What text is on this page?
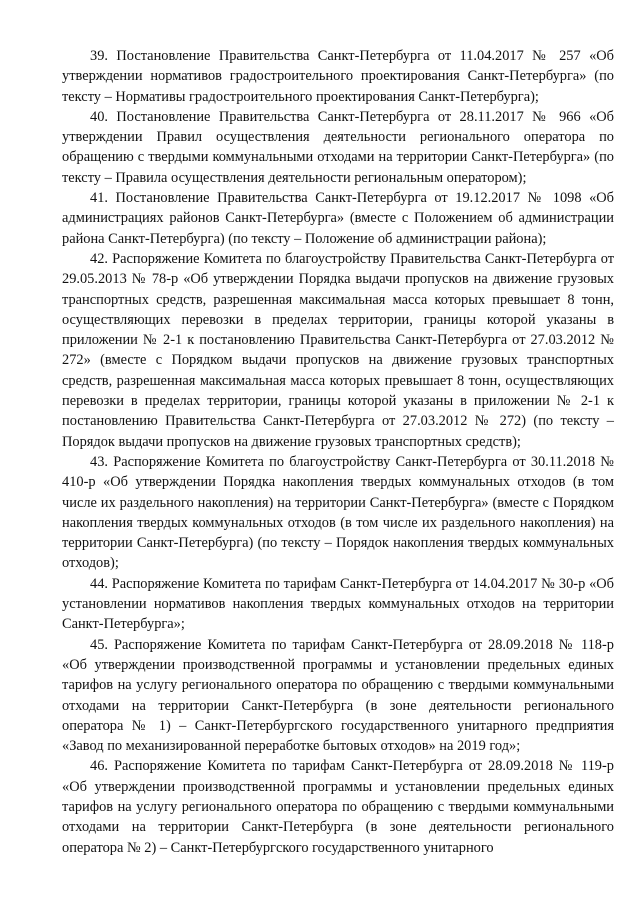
39. Постановление Правительства Санкт-Петербурга от 11.04.2017 № 257 «Об утверждении нормативов градостроительного проектирования Санкт-Петербурга» (по тексту – Нормативы градостроительного проектирования Санкт-Петербурга);

40. Постановление Правительства Санкт-Петербурга от 28.11.2017 № 966 «Об утверждении Правил осуществления деятельности регионального оператора по обращению с твердыми коммунальными отходами на территории Санкт-Петербурга» (по тексту – Правила осуществления деятельности региональным оператором);

41. Постановление Правительства Санкт-Петербурга от 19.12.2017 № 1098 «Об администрациях районов Санкт-Петербурга» (вместе с Положением об администрации района Санкт-Петербурга) (по тексту – Положение об администрации района);

42. Распоряжение Комитета по благоустройству Правительства Санкт-Петербурга от 29.05.2013 № 78-р «Об утверждении Порядка выдачи пропусков на движение грузовых транспортных средств, разрешенная максимальная масса которых превышает 8 тонн, осуществляющих перевозки в пределах территории, границы которой указаны в приложении № 2-1 к постановлению Правительства Санкт-Петербурга от 27.03.2012 № 272» (вместе с Порядком выдачи пропусков на движение грузовых транспортных средств, разрешенная максимальная масса которых превышает 8 тонн, осуществляющих перевозки в пределах территории, границы которой указаны в приложении № 2-1 к постановлению Правительства Санкт-Петербурга от 27.03.2012 № 272) (по тексту – Порядок выдачи пропусков на движение грузовых транспортных средств);

43. Распоряжение Комитета по благоустройству Санкт-Петербурга от 30.11.2018 № 410-р «Об утверждении Порядка накопления твердых коммунальных отходов (в том числе их раздельного накопления) на территории Санкт-Петербурга» (вместе с Порядком накопления твердых коммунальных отходов (в том числе их раздельного накопления) на территории Санкт-Петербурга) (по тексту – Порядок накопления твердых коммунальных отходов);

44. Распоряжение Комитета по тарифам Санкт-Петербурга от 14.04.2017 № 30-р «Об установлении нормативов накопления твердых коммунальных отходов на территории Санкт-Петербурга»;

45. Распоряжение Комитета по тарифам Санкт-Петербурга от 28.09.2018 № 118-р «Об утверждении производственной программы и установлении предельных единых тарифов на услугу регионального оператора по обращению с твердыми коммунальными отходами на территории Санкт-Петербурга (в зоне деятельности регионального оператора № 1) – Санкт-Петербургского государственного унитарного предприятия «Завод по механизированной переработке бытовых отходов» на 2019 год»;

46. Распоряжение Комитета по тарифам Санкт-Петербурга от 28.09.2018 № 119-р «Об утверждении производственной программы и установлении предельных единых тарифов на услугу регионального оператора по обращению с твердыми коммунальными отходами на территории Санкт-Петербурга (в зоне деятельности регионального оператора № 2) – Санкт-Петербургского государственного унитарного
